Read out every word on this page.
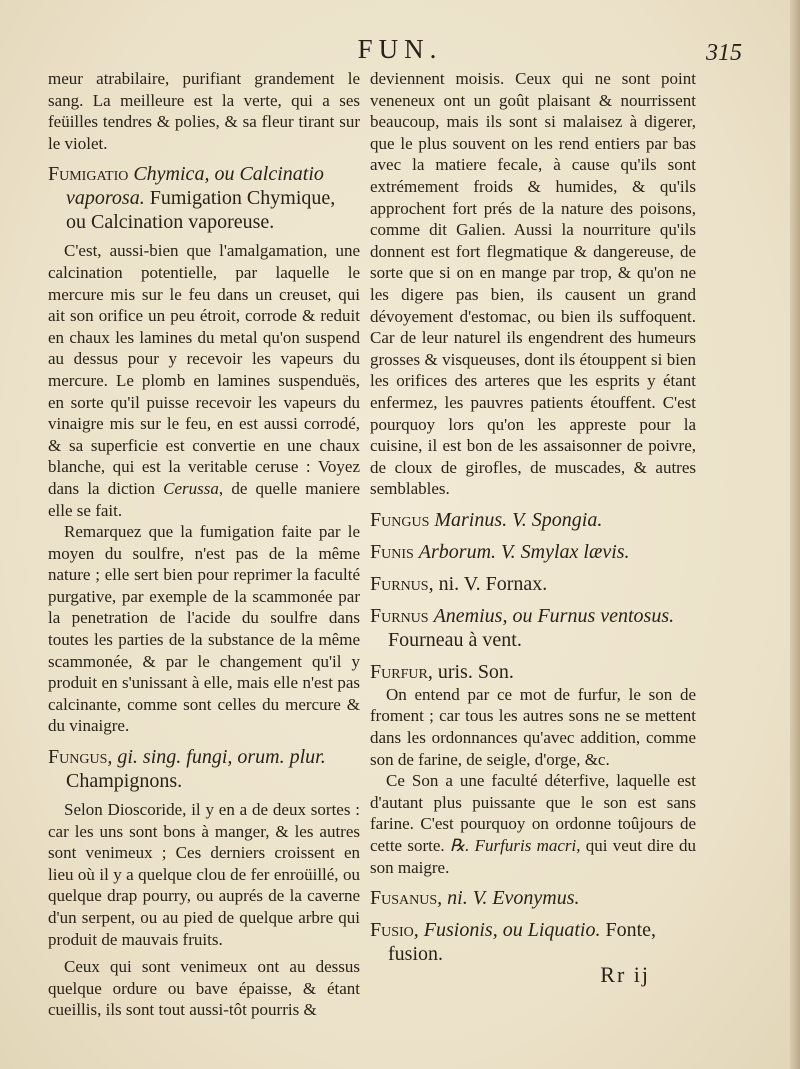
FUN.	315

meur atrabilaire, purifiant grandement le sang. La meilleure est la verte, qui a ses feüilles tendres & polies, & sa fleur tirant sur le violet.

Fumigatio Chymica, ou Calcinatio vaporosa. Fumigation Chymique, ou Calcination vaporeuse.

C'est, aussi-bien que l'amalgamation, une calcination potentielle, par laquelle le mercure mis sur le feu dans un creuset, qui ait son orifice un peu étroit, corrode & reduit en chaux les lamines du metal qu'on suspend au dessus pour y recevoir les vapeurs du mercure. Le plomb en lamines suspenduës, en sorte qu'il puisse recevoir les vapeurs du vinaigre mis sur le feu, en est aussi corrodé, & sa superficie est convertie en une chaux blanche, qui est la veritable ceruse : Voyez dans la diction Cerussa, de quelle maniere elle se fait.

Remarquez que la fumigation faite par le moyen du soulfre, n'est pas de la même nature ; elle sert bien pour reprimer la faculté purgative, par exemple de la scammonée par la penetration de l'acide du soulfre dans toutes les parties de la substance de la même scammonée, & par le changement qu'il y produit en s'unissant à elle, mais elle n'est pas calcinante, comme sont celles du mercure & du vinaigre.

Fungus, gi. sing. fungi, orum. plur. Champignons.

Selon Dioscoride, il y en a de deux sortes : car les uns sont bons à manger, & les autres sont venimeux ; Ces derniers croissent en lieu où il y a quelque clou de fer enroüillé, ou quelque drap pourry, ou auprés de la caverne d'un serpent, ou au pied de quelque arbre qui produit de mauvais fruits.

Ceux qui sont venimeux ont au dessus quelque ordure ou bave épaisse, & étant cueillis, ils sont tout aussi-tôt pourris &

deviennent moisis. Ceux qui ne sont point veneneux ont un goût plaisant & nourrissent beaucoup, mais ils sont si malaisez à digerer, que le plus souvent on les rend entiers par bas avec la matiere fecale, à cause qu'ils sont extrémement froids & humides, & qu'ils approchent fort prés de la nature des poisons, comme dit Galien. Aussi la nourriture qu'ils donnent est fort flegmatique & dangereuse, de sorte que si on en mange par trop, & qu'on ne les digere pas bien, ils causent un grand dévoyement d'estomac, ou bien ils suffoquent. Car de leur naturel ils engendrent des humeurs grosses & visqueuses, dont ils étouppent si bien les orifices des arteres que les esprits y étant enfermez, les pauvres patients étouffent. C'est pourquoy lors qu'on les appreste pour la cuisine, il est bon de les assaisonner de poivre, de cloux de girofles, de muscades, & autres semblables.

Fungus Marinus. V. Spongia.

Funis Arborum. V. Smylax lævis.

Furnus, ni. V. Fornax.

Furnus Anemius, ou Furnus ventosus. Fourneau à vent.

Furfur, uris. Son.

On entend par ce mot de furfur, le son de froment ; car tous les autres sons ne se mettent dans les ordonnances qu'avec addition, comme son de farine, de seigle, d'orge, &c.

Ce Son a une faculté déterfive, laquelle est d'autant plus puissante que le son est sans farine. C'est pourquoy on ordonne toûjours de cette sorte. ℞. Furfuris macri, qui veut dire du son maigre.

Fusanus, ni. V. Evonymus.

Fusio, Fusionis, ou Liquatio. Fonte, fusion.

Rr ij
